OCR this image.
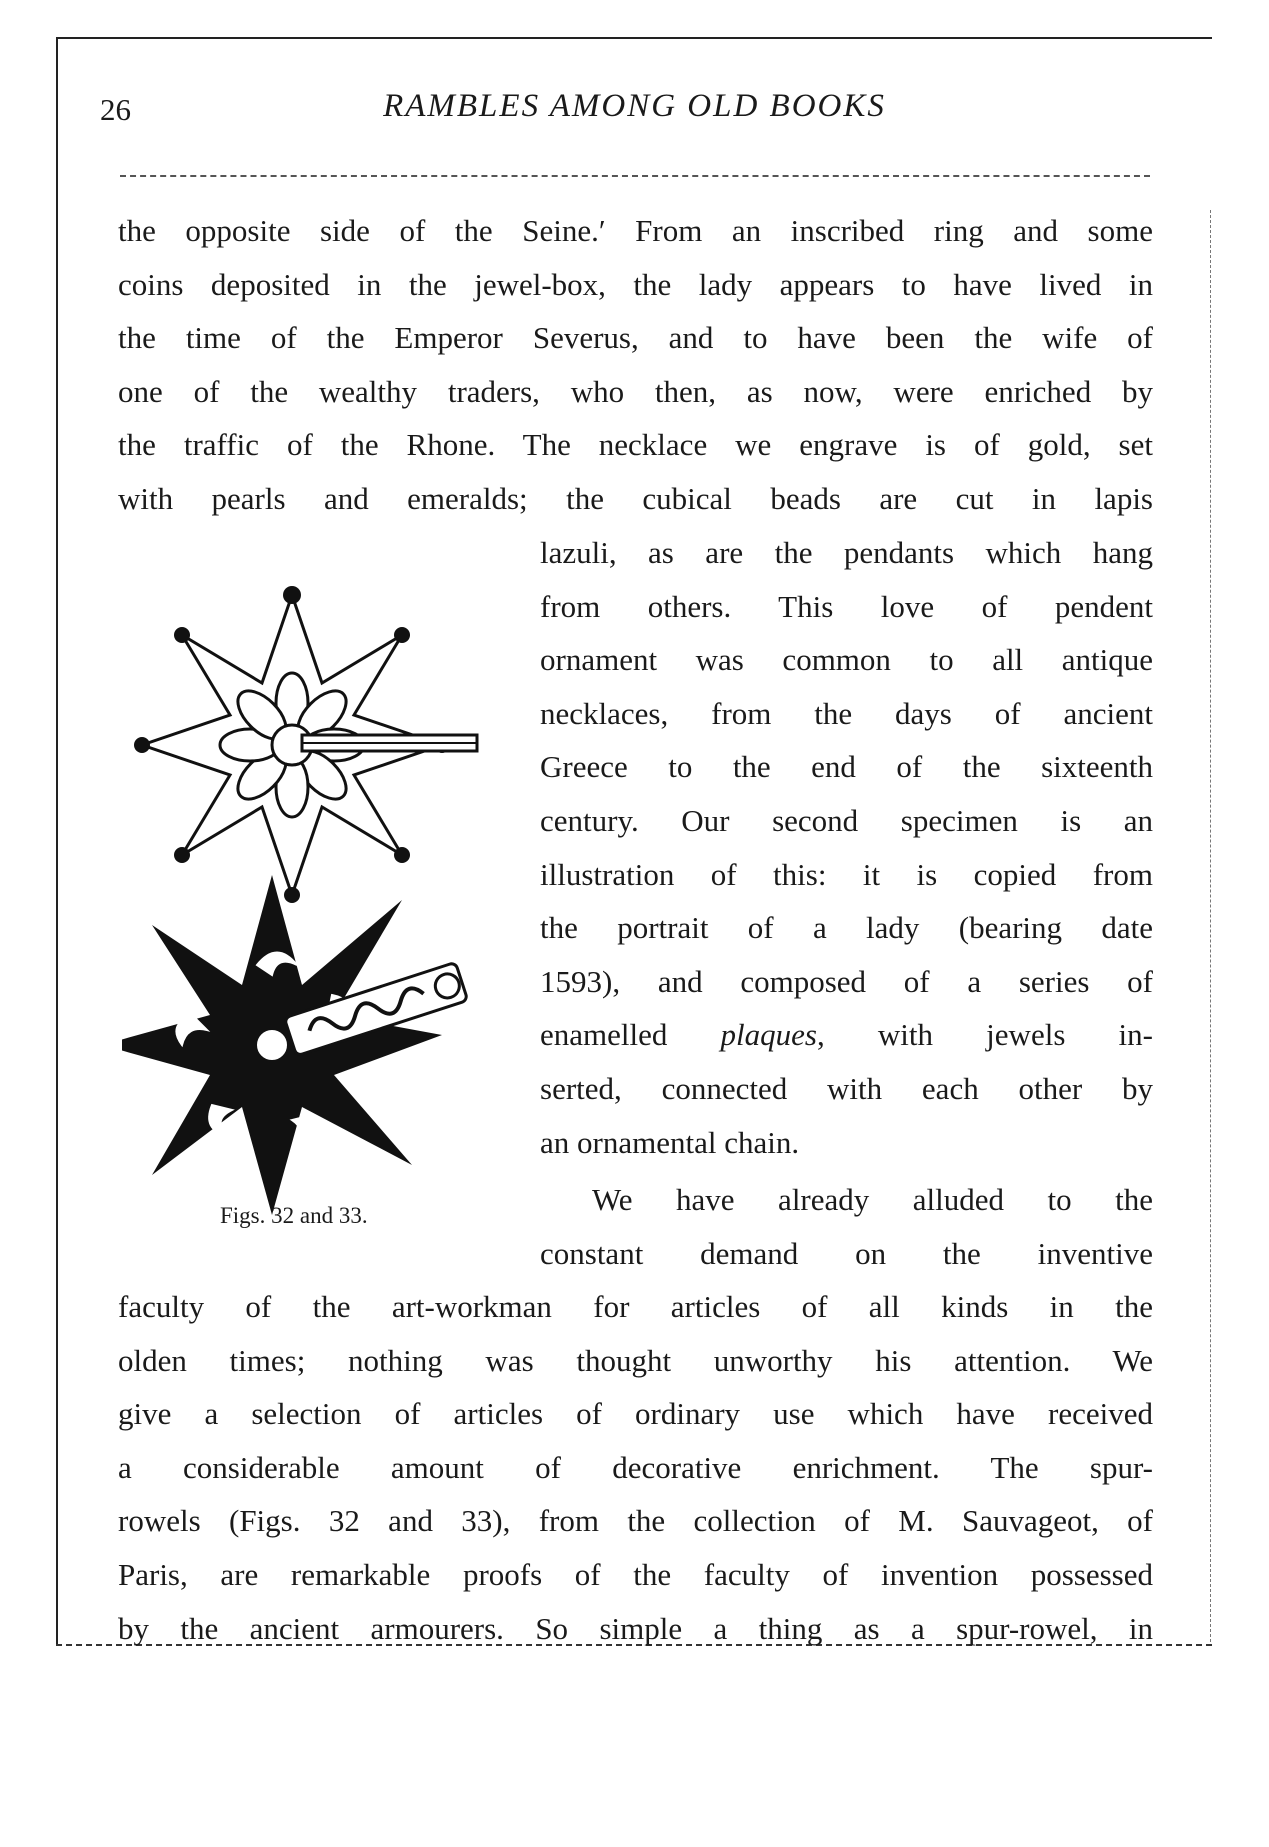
26	RAMBLES AMONG OLD BOOKS

the opposite side of the Seine.′ From an inscribed ring and some
coins deposited in the jewel-box, the lady appears to have lived in
the time of the Emperor Severus, and to have been the wife of
one of the wealthy traders, who then, as now, were enriched by
the traffic of the Rhone. The necklace we engrave is of gold, set
with pearls and emeralds; the cubical beads are cut in lapis

lazuli, as are the pendants which hang
from others. This love of pendent
ornament was common to all antique
necklaces, from the days of ancient
Greece to the end of the sixteenth
century. Our second specimen is an
illustration of this: it is copied from
the portrait of a lady (bearing date
1593), and composed of a series of
enamelled plaques, with jewels in-
serted, connected with each other by
an ornamental chain.

We have already alluded to the
constant demand on the inventive

faculty of the art-workman for articles of all kinds in the
olden times; nothing was thought unworthy his attention. We
give a selection of articles of ordinary use which have received
a considerable amount of decorative enrichment. The spur-
rowels (Figs. 32 and 33), from the collection of M. Sauvageot, of
Paris, are remarkable proofs of the faculty of invention possessed
by the ancient armourers. So simple a thing as a spur-rowel, in

Figs. 32 and 33.
